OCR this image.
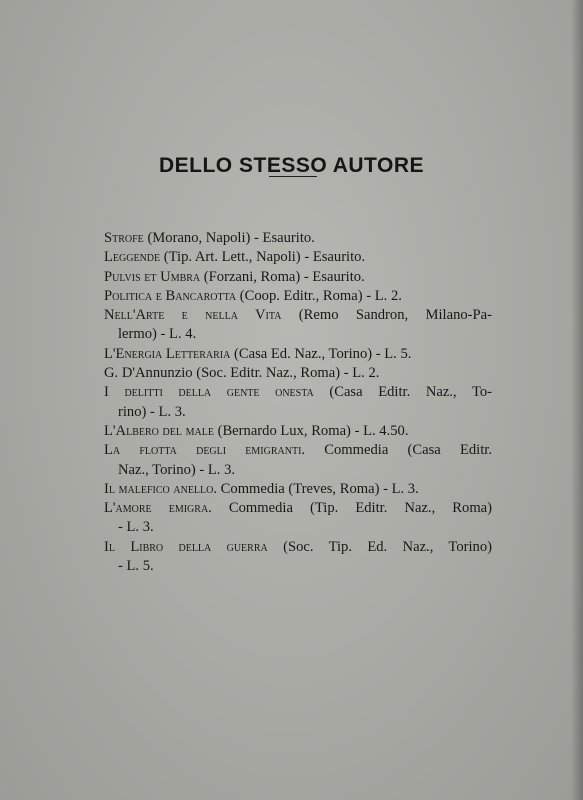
DELLO STESSO AUTORE
Strofe (Morano, Napoli) - Esaurito.
Leggende (Tip. Art. Lett., Napoli) - Esaurito.
Pulvis et Umbra (Forzani, Roma) - Esaurito.
Politica e Bancarotta (Coop. Editr., Roma) - L. 2.
Nell'Arte e nella Vita (Remo Sandron, Milano-Pa-
lermo) - L. 4.
L'Energia Letteraria (Casa Ed. Naz., Torino) - L. 5.
G. D'Annunzio (Soc. Editr. Naz., Roma) - L. 2.
I delitti della gente onesta (Casa Editr. Naz., To-
rino) - L. 3.
L'Albero del male (Bernardo Lux, Roma) - L. 4.50.
La flotta degli emigranti. Commedia (Casa Editr.
Naz., Torino) - L. 3.
Il malefico anello. Commedia (Treves, Roma) - L. 3.
L'amore emigra. Commedia (Tip. Editr. Naz., Roma)
- L. 3.
Il Libro della guerra (Soc. Tip. Ed. Naz., Torino)
- L. 5.
